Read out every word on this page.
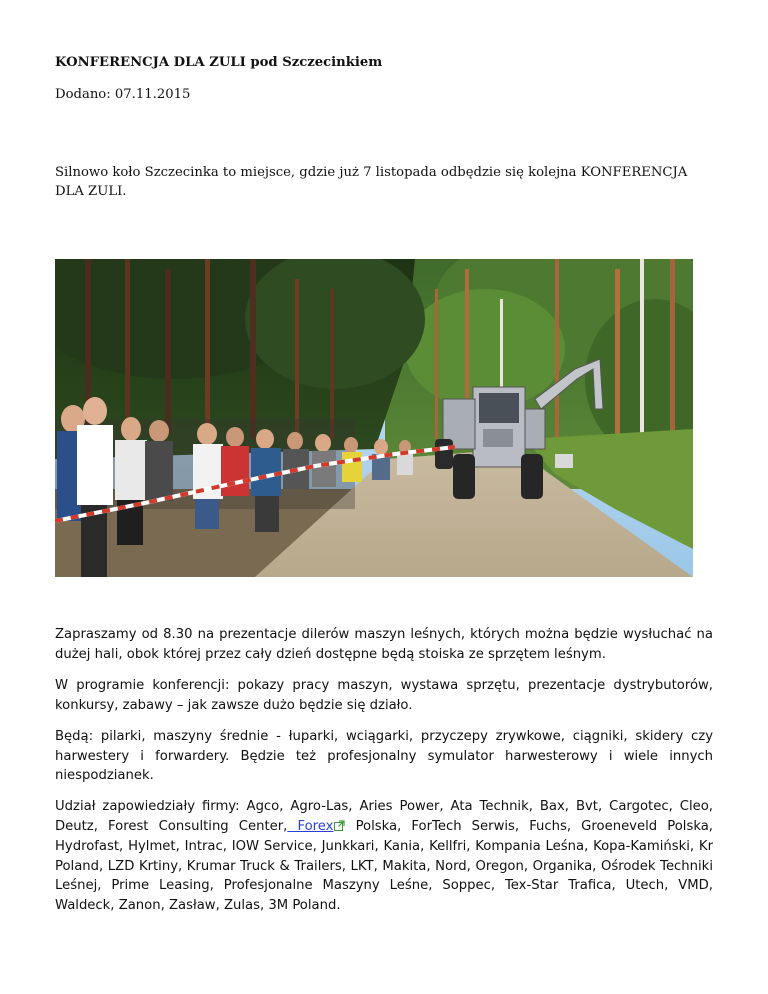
KONFERENCJA DLA ZULI pod Szczecinkiem
Dodano: 07.11.2015
Silnowo koło Szczecinka to miejsce, gdzie już 7 listopada odbędzie się kolejna KONFERENCJA DLA ZULI.
Zapraszamy od 8.30 na prezentacje dilerów maszyn leśnych, których można będzie wysłuchać na dużej hali, obok której przez cały dzień dostępne będą stoiska ze sprzętem leśnym.
W programie konferencji: pokazy pracy maszyn, wystawa sprzętu, prezentacje dystrybutorów, konkursy, zabawy – jak zawsze dużo będzie się działo.
Będą: pilarki, maszyny średnie - łuparki, wciągarki, przyczepy zrywkowe, ciągniki, skidery czy harwestery i forwardery. Będzie też profesjonalny symulator harwesterowy i wiele innych niespodzianek.
Udział zapowiedziały firmy: Agco, Agro-Las, Aries Power, Ata Technik, Bax, Bvt, Cargotec, Cleo, Deutz, Forest Consulting Center, Forex Polska, ForTech Serwis, Fuchs, Groeneveld Polska, Hydrofast, Hylmet, Intrac, IOW Service, Junkkari, Kania, Kellfri, Kompania Leśna, Kopa-Kamiński, Kr Poland, LZD Krtiny, Krumar Truck & Trailers, LKT, Makita, Nord, Oregon, Organika, Ośrodek Techniki Leśnej, Prime Leasing, Profesjonalne Maszyny Leśne, Soppec, Tex-Star Trafica, Utech, VMD, Waldeck, Zanon, Zasław, Zulas, 3M Poland.
